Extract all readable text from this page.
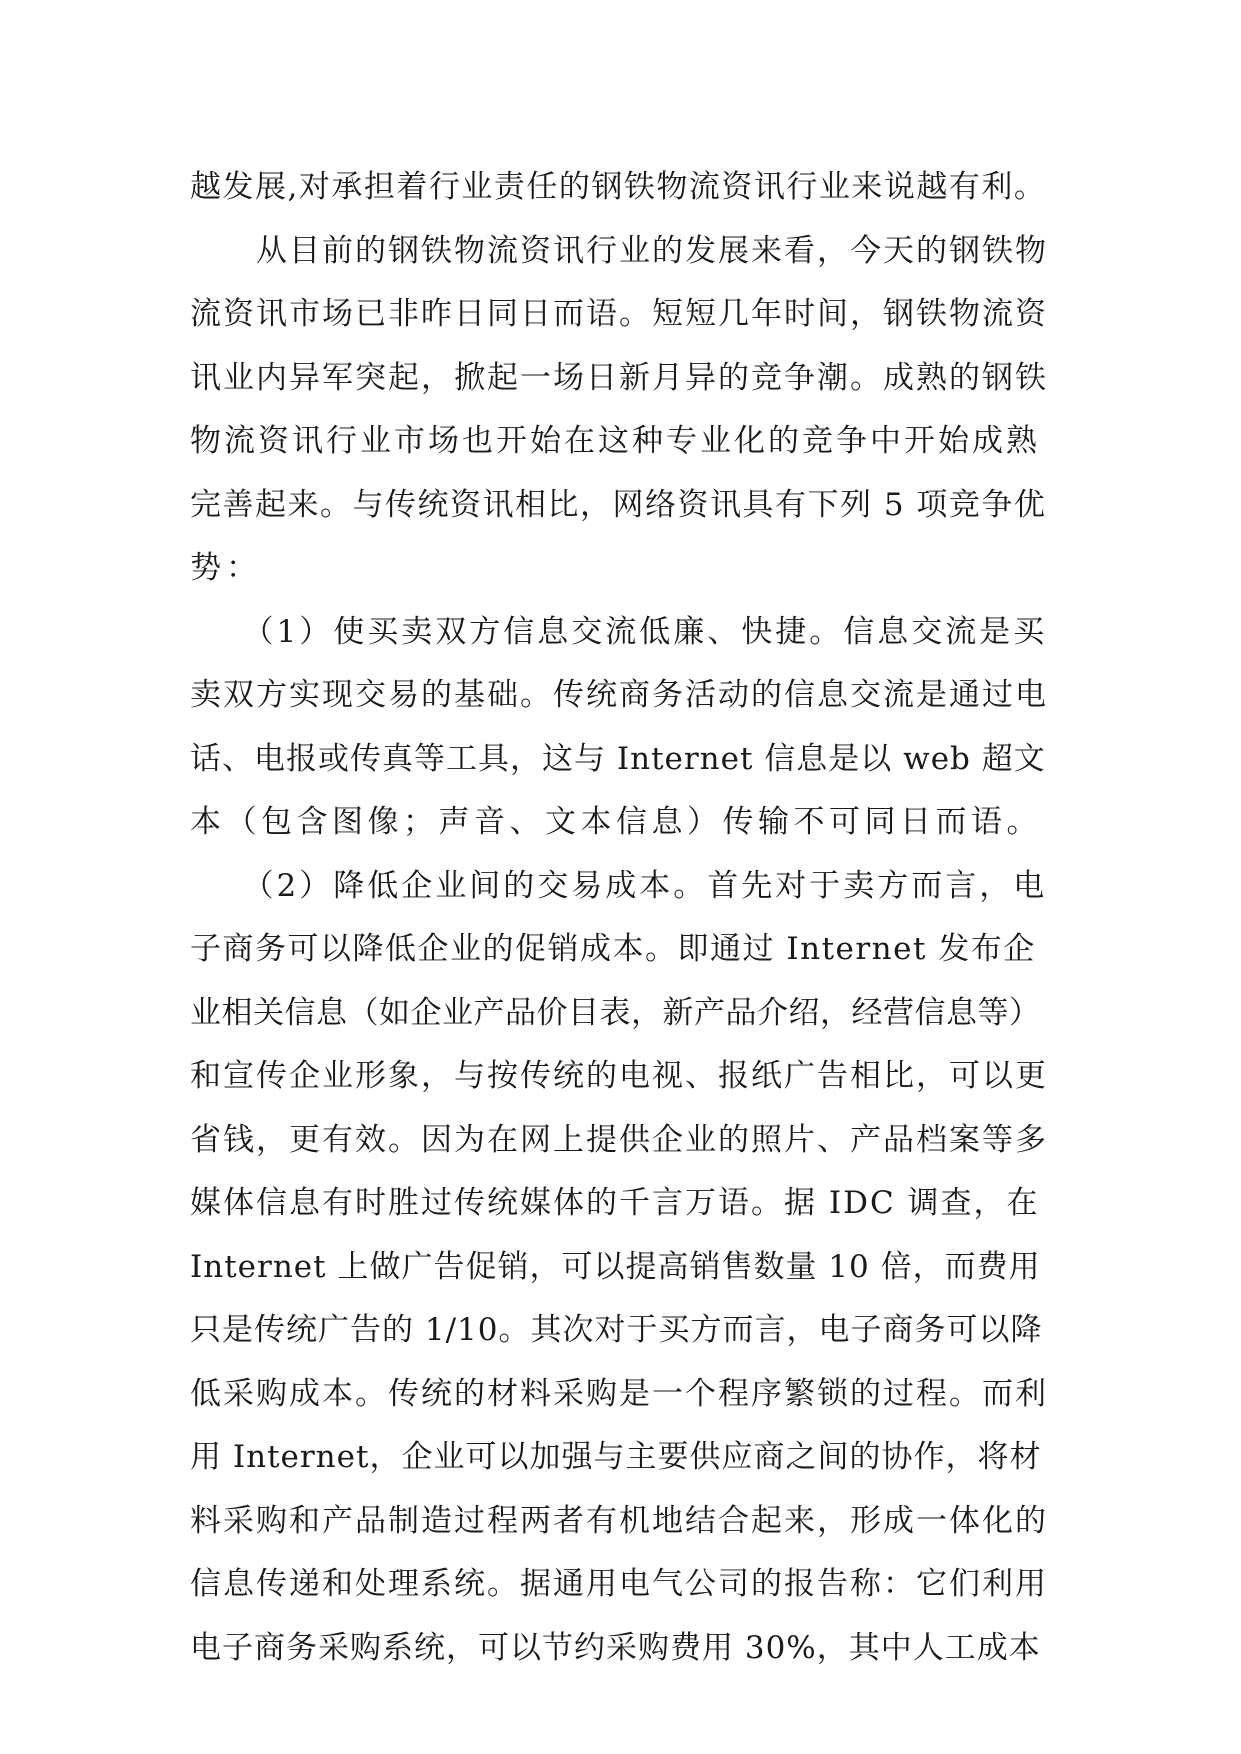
越发展,对承担着行业责任的钢铁物流资讯行业来说越有利。
　　从目前的钢铁物流资讯行业的发展来看，今天的钢铁物
流资讯市场已非昨日同日而语。短短几年时间，钢铁物流资
讯业内异军突起，掀起一场日新月异的竞争潮。成熟的钢铁
物流资讯行业市场也开始在这种专业化的竞争中开始成熟
完善起来。与传统资讯相比，网络资讯具有下列 5 项竞争优
势：
　　（1）使买卖双方信息交流低廉、快捷。信息交流是买
卖双方实现交易的基础。传统商务活动的信息交流是通过电
话、电报或传真等工具，这与 Internet 信息是以 web 超文
本（包含图像；声音、文本信息）传输不可同日而语。
　　（2）降低企业间的交易成本。首先对于卖方而言，电
子商务可以降低企业的促销成本。即通过 Internet 发布企
业相关信息（如企业产品价目表，新产品介绍，经营信息等）
和宣传企业形象，与按传统的电视、报纸广告相比，可以更
省钱，更有效。因为在网上提供企业的照片、产品档案等多
媒体信息有时胜过传统媒体的千言万语。据 IDC 调查，在
Internet 上做广告促销，可以提高销售数量 10 倍，而费用
只是传统广告的 1/10。其次对于买方而言，电子商务可以降
低采购成本。传统的材料采购是一个程序繁锁的过程。而利
用 Internet，企业可以加强与主要供应商之间的协作，将材
料采购和产品制造过程两者有机地结合起来，形成一体化的
信息传递和处理系统。据通用电气公司的报告称：它们利用
电子商务采购系统，可以节约采购费用 30%，其中人工成本
